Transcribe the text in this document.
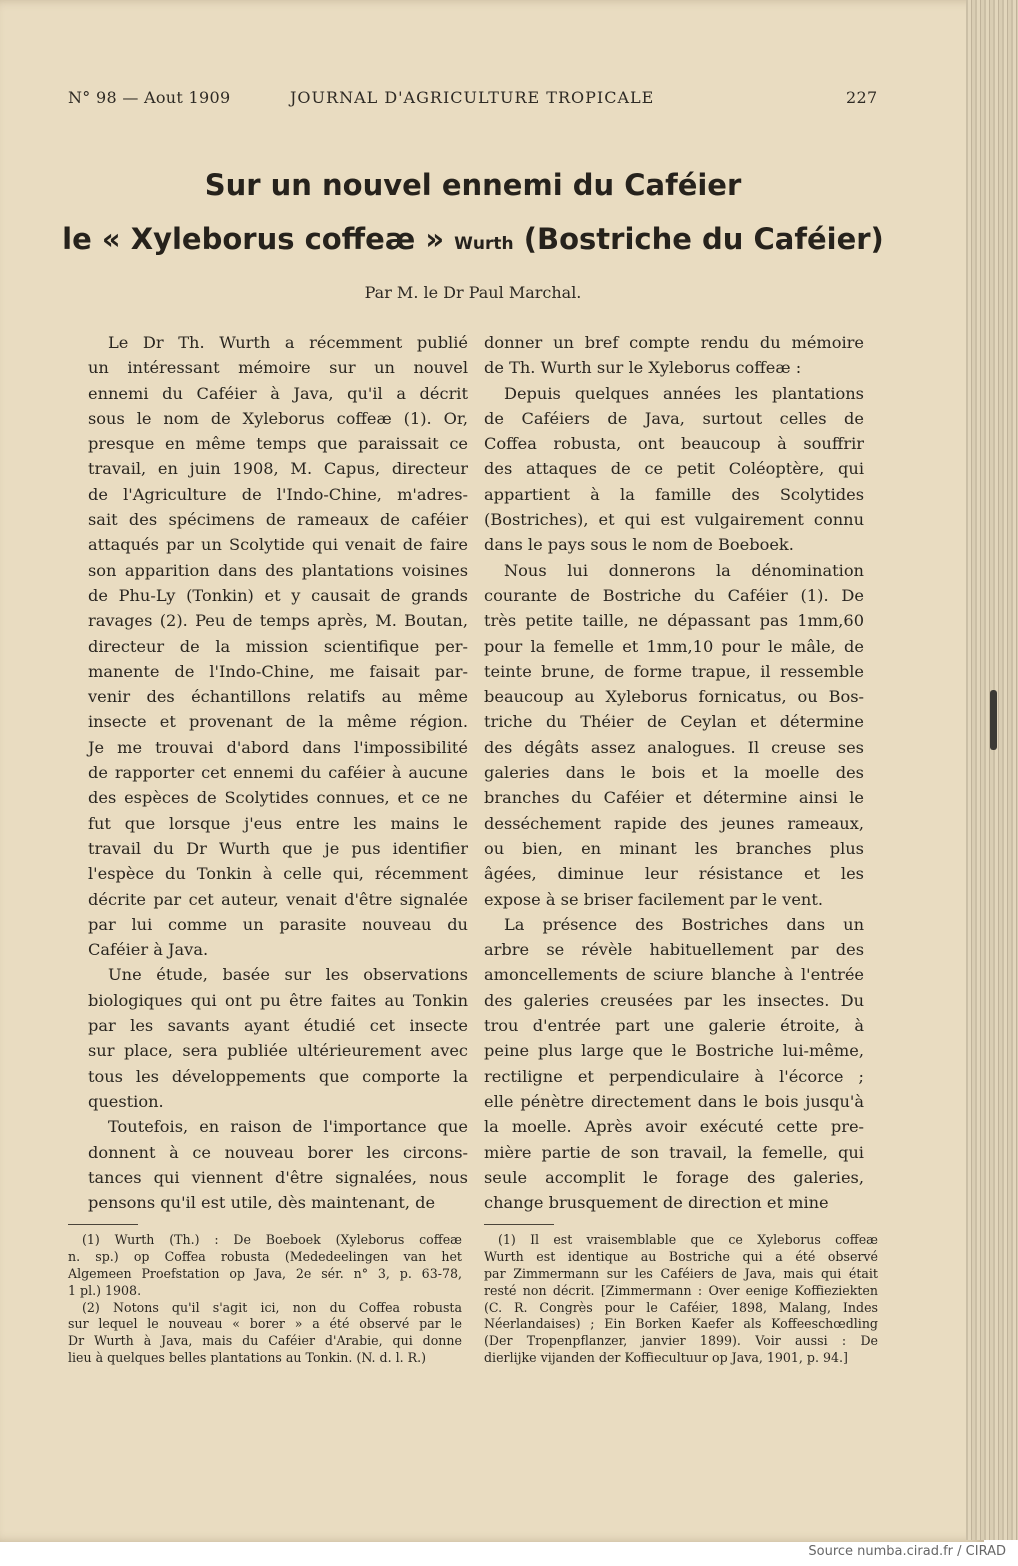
N° 98 — Aout 1909	JOURNAL D'AGRICULTURE TROPICALE	227
Sur un nouvel ennemi du Caféier
le « Xyleborus coffeæ » Wurth (Bostriche du Caféier)
Par M. le Dr Paul Marchal.
Le Dr Th. Wurth a récemment publié
un intéressant mémoire sur un nouvel
ennemi du Caféier à Java, qu'il a décrit
sous le nom de Xyleborus coffeæ (1). Or,
presque en même temps que paraissait ce
travail, en juin 1908, M. Capus, directeur
de l'Agriculture de l'Indo-Chine, m'adres-
sait des spécimens de rameaux de caféier
attaqués par un Scolytide qui venait de faire
son apparition dans des plantations voisines
de Phu-Ly (Tonkin) et y causait de grands
ravages (2). Peu de temps après, M. Boutan,
directeur de la mission scientifique per-
manente de l'Indo-Chine, me faisait par-
venir des échantillons relatifs au même
insecte et provenant de la même région.
Je me trouvai d'abord dans l'impossibilité
de rapporter cet ennemi du caféier à aucune
des espèces de Scolytides connues, et ce ne
fut que lorsque j'eus entre les mains le
travail du Dr Wurth que je pus identifier
l'espèce du Tonkin à celle qui, récemment
décrite par cet auteur, venait d'être signalée
par lui comme un parasite nouveau du
Caféier à Java.
Une étude, basée sur les observations
biologiques qui ont pu être faites au Tonkin
par les savants ayant étudié cet insecte
sur place, sera publiée ultérieurement avec
tous les développements que comporte la
question.
Toutefois, en raison de l'importance que
donnent à ce nouveau borer les circons-
tances qui viennent d'être signalées, nous
pensons qu'il est utile, dès maintenant, de
donner un bref compte rendu du mémoire
de Th. Wurth sur le Xyleborus coffeæ :
Depuis quelques années les plantations
de Caféiers de Java, surtout celles de
Coffea robusta, ont beaucoup à souffrir
des attaques de ce petit Coléoptère, qui
appartient à la famille des Scolytides
(Bostriches), et qui est vulgairement connu
dans le pays sous le nom de Boeboek.
Nous lui donnerons la dénomination
courante de Bostriche du Caféier (1). De
très petite taille, ne dépassant pas 1mm,60
pour la femelle et 1mm,10 pour le mâle, de
teinte brune, de forme trapue, il ressemble
beaucoup au Xyleborus fornicatus, ou Bos-
triche du Théier de Ceylan et détermine
des dégâts assez analogues. Il creuse ses
galeries dans le bois et la moelle des
branches du Caféier et détermine ainsi le
desséchement rapide des jeunes rameaux,
ou bien, en minant les branches plus
âgées, diminue leur résistance et les
expose à se briser facilement par le vent.
La présence des Bostriches dans un
arbre se révèle habituellement par des
amoncellements de sciure blanche à l'entrée
des galeries creusées par les insectes. Du
trou d'entrée part une galerie étroite, à
peine plus large que le Bostriche lui-même,
rectiligne et perpendiculaire à l'écorce ;
elle pénètre directement dans le bois jusqu'à
la moelle. Après avoir exécuté cette pre-
mière partie de son travail, la femelle, qui
seule accomplit le forage des galeries,
change brusquement de direction et mine
(1) Wurth (Th.) : De Boeboek (Xyleborus coffeæ
n. sp.) op Coffea robusta (Mededeelingen van het
Algemeen Proefstation op Java, 2e sér. n° 3, p. 63-78,
1 pl.) 1908.
(2) Notons qu'il s'agit ici, non du Coffea robusta
sur lequel le nouveau « borer » a été observé par le
Dr Wurth à Java, mais du Caféier d'Arabie, qui donne
lieu à quelques belles plantations au Tonkin. (N. d. l. R.)
(1) Il est vraisemblable que ce Xyleborus coffeæ
Wurth est identique au Bostriche qui a été observé
par Zimmermann sur les Caféiers de Java, mais qui était
resté non décrit. [Zimmermann : Over eenige Koffieziekten
(C. R. Congrès pour le Caféier, 1898, Malang, Indes
Néerlandaises) ; Ein Borken Kaefer als Koffeeschœdling
(Der Tropenpflanzer, janvier 1899). Voir aussi : De
dierlijke vijanden der Koffiecultuur op Java, 1901, p. 94.]
Source numba.cirad.fr / CIRAD
